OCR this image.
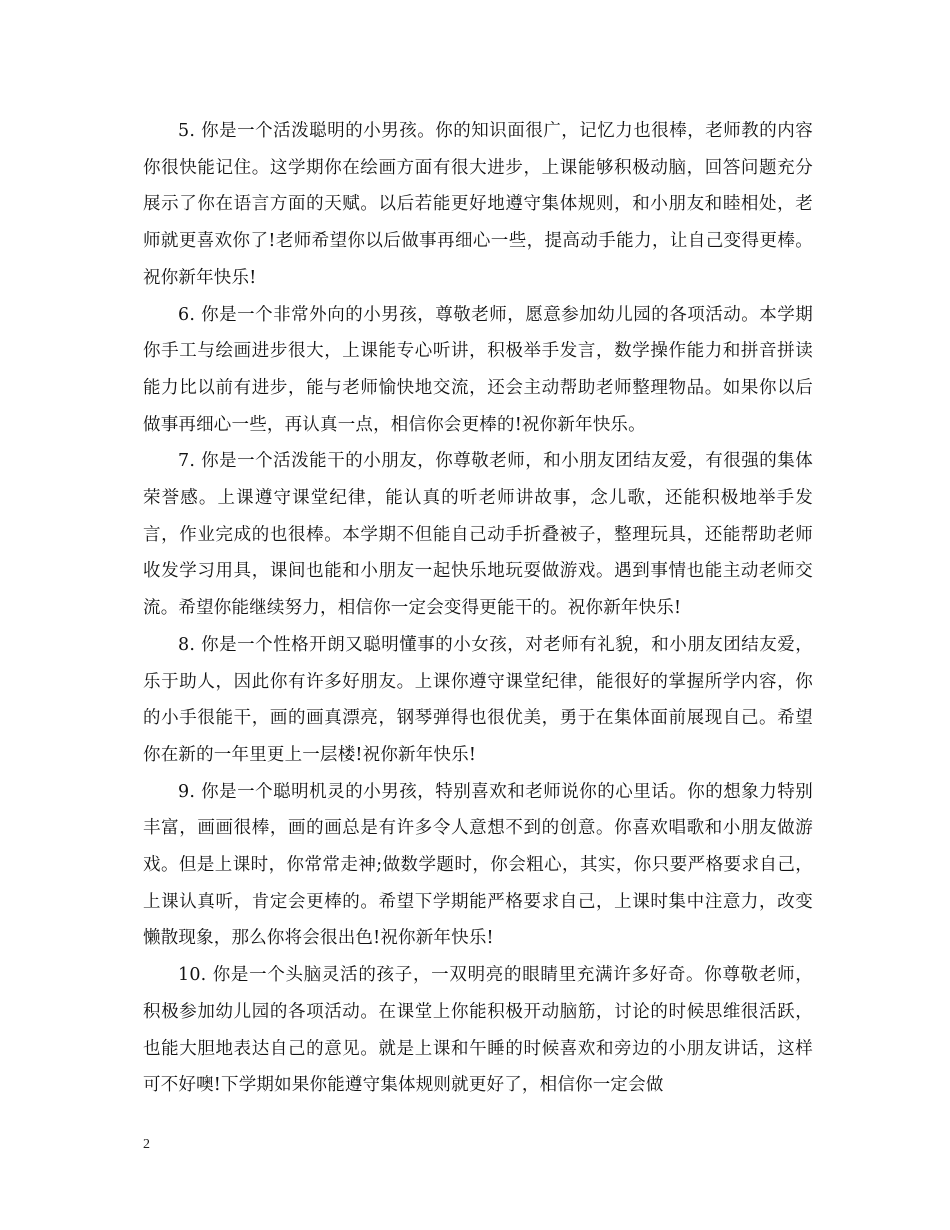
5. 你是一个活泼聪明的小男孩。你的知识面很广，记忆力也很棒，老师教的内容你很快能记住。这学期你在绘画方面有很大进步，上课能够积极动脑，回答问题充分展示了你在语言方面的天赋。以后若能更好地遵守集体规则，和小朋友和睦相处，老师就更喜欢你了!老师希望你以后做事再细心一些，提高动手能力，让自己变得更棒。祝你新年快乐!

6. 你是一个非常外向的小男孩，尊敬老师，愿意参加幼儿园的各项活动。本学期你手工与绘画进步很大，上课能专心听讲，积极举手发言，数学操作能力和拼音拼读能力比以前有进步，能与老师愉快地交流，还会主动帮助老师整理物品。如果你以后做事再细心一些，再认真一点，相信你会更棒的!祝你新年快乐。

7. 你是一个活泼能干的小朋友，你尊敬老师，和小朋友团结友爱，有很强的集体荣誉感。上课遵守课堂纪律，能认真的听老师讲故事，念儿歌，还能积极地举手发言，作业完成的也很棒。本学期不但能自己动手折叠被子，整理玩具，还能帮助老师收发学习用具，课间也能和小朋友一起快乐地玩耍做游戏。遇到事情也能主动老师交流。希望你能继续努力，相信你一定会变得更能干的。祝你新年快乐!

8. 你是一个性格开朗又聪明懂事的小女孩，对老师有礼貌，和小朋友团结友爱，乐于助人，因此你有许多好朋友。上课你遵守课堂纪律，能很好的掌握所学内容，你的小手很能干，画的画真漂亮，钢琴弹得也很优美，勇于在集体面前展现自己。希望你在新的一年里更上一层楼!祝你新年快乐!

9. 你是一个聪明机灵的小男孩，特别喜欢和老师说你的心里话。你的想象力特别丰富，画画很棒，画的画总是有许多令人意想不到的创意。你喜欢唱歌和小朋友做游戏。但是上课时，你常常走神;做数学题时，你会粗心，其实，你只要严格要求自己，上课认真听，肯定会更棒的。希望下学期能严格要求自己，上课时集中注意力，改变懒散现象，那么你将会很出色!祝你新年快乐!

10. 你是一个头脑灵活的孩子，一双明亮的眼睛里充满许多好奇。你尊敬老师，积极参加幼儿园的各项活动。在课堂上你能积极开动脑筋，讨论的时候思维很活跃，也能大胆地表达自己的意见。就是上课和午睡的时候喜欢和旁边的小朋友讲话，这样可不好噢!下学期如果你能遵守集体规则就更好了，相信你一定会做

2
